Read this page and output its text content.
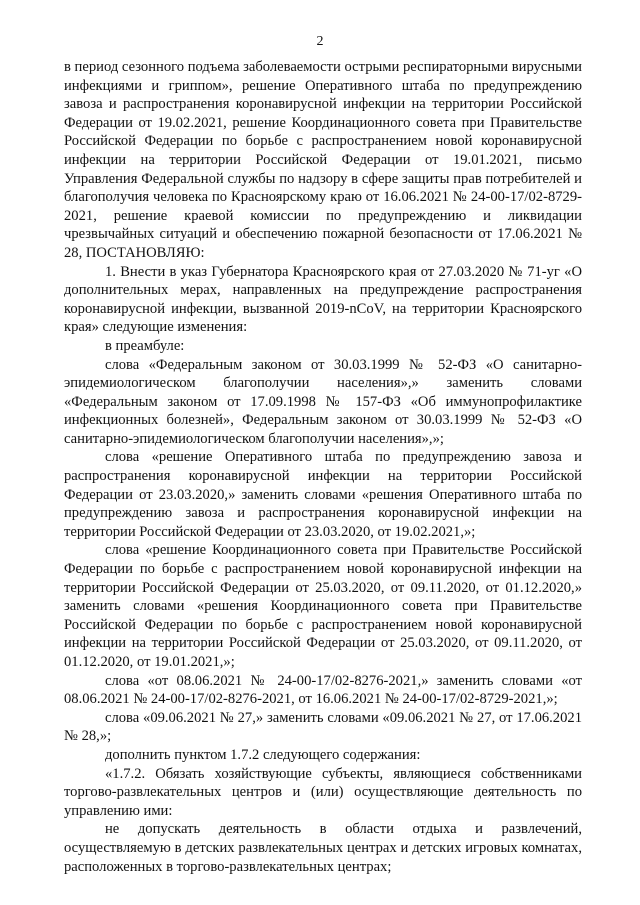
2

в период сезонного подъема заболеваемости острыми респираторными вирусными инфекциями и гриппом», решение Оперативного штаба по предупреждению завоза и распространения коронавирусной инфекции на территории Российской Федерации от 19.02.2021, решение Координационного совета при Правительстве Российской Федерации по борьбе с распространением новой коронавирусной инфекции на территории Российской Федерации от 19.01.2021, письмо Управления Федеральной службы по надзору в сфере защиты прав потребителей и благополучия человека по Красноярскому краю от 16.06.2021 № 24-00-17/02-8729-2021, решение краевой комиссии по предупреждению и ликвидации чрезвычайных ситуаций и обеспечению пожарной безопасности от 17.06.2021 № 28, ПОСТАНОВЛЯЮ:

1. Внести в указ Губернатора Красноярского края от 27.03.2020 № 71-уг «О дополнительных мерах, направленных на предупреждение распространения коронавирусной инфекции, вызванной 2019-nCoV, на территории Красноярского края» следующие изменения:

в преамбуле:

слова «Федеральным законом от 30.03.1999 № 52-ФЗ «О санитарно-эпидемиологическом благополучии населения»,» заменить словами «Федеральным законом от 17.09.1998 № 157-ФЗ «Об иммунопрофилактике инфекционных болезней», Федеральным законом от 30.03.1999 № 52-ФЗ «О санитарно-эпидемиологическом благополучии населения»,»;

слова «решение Оперативного штаба по предупреждению завоза и распространения коронавирусной инфекции на территории Российской Федерации от 23.03.2020,» заменить словами «решения Оперативного штаба по предупреждению завоза и распространения коронавирусной инфекции на территории Российской Федерации от 23.03.2020, от 19.02.2021,»;

слова «решение Координационного совета при Правительстве Российской Федерации по борьбе с распространением новой коронавирусной инфекции на территории Российской Федерации от 25.03.2020, от 09.11.2020, от 01.12.2020,» заменить словами «решения Координационного совета при Правительстве Российской Федерации по борьбе с распространением новой коронавирусной инфекции на территории Российской Федерации от 25.03.2020, от 09.11.2020, от 01.12.2020, от 19.01.2021,»;

слова «от 08.06.2021 № 24-00-17/02-8276-2021,» заменить словами «от 08.06.2021 № 24-00-17/02-8276-2021, от 16.06.2021 № 24-00-17/02-8729-2021,»;

слова «09.06.2021 № 27,» заменить словами «09.06.2021 № 27, от 17.06.2021 № 28,»;

дополнить пунктом 1.7.2 следующего содержания:

«1.7.2. Обязать хозяйствующие субъекты, являющиеся собственниками торгово-развлекательных центров и (или) осуществляющие деятельность по управлению ими:

не допускать деятельность в области отдыха и развлечений, осуществляемую в детских развлекательных центрах и детских игровых комнатах, расположенных в торгово-развлекательных центрах;
